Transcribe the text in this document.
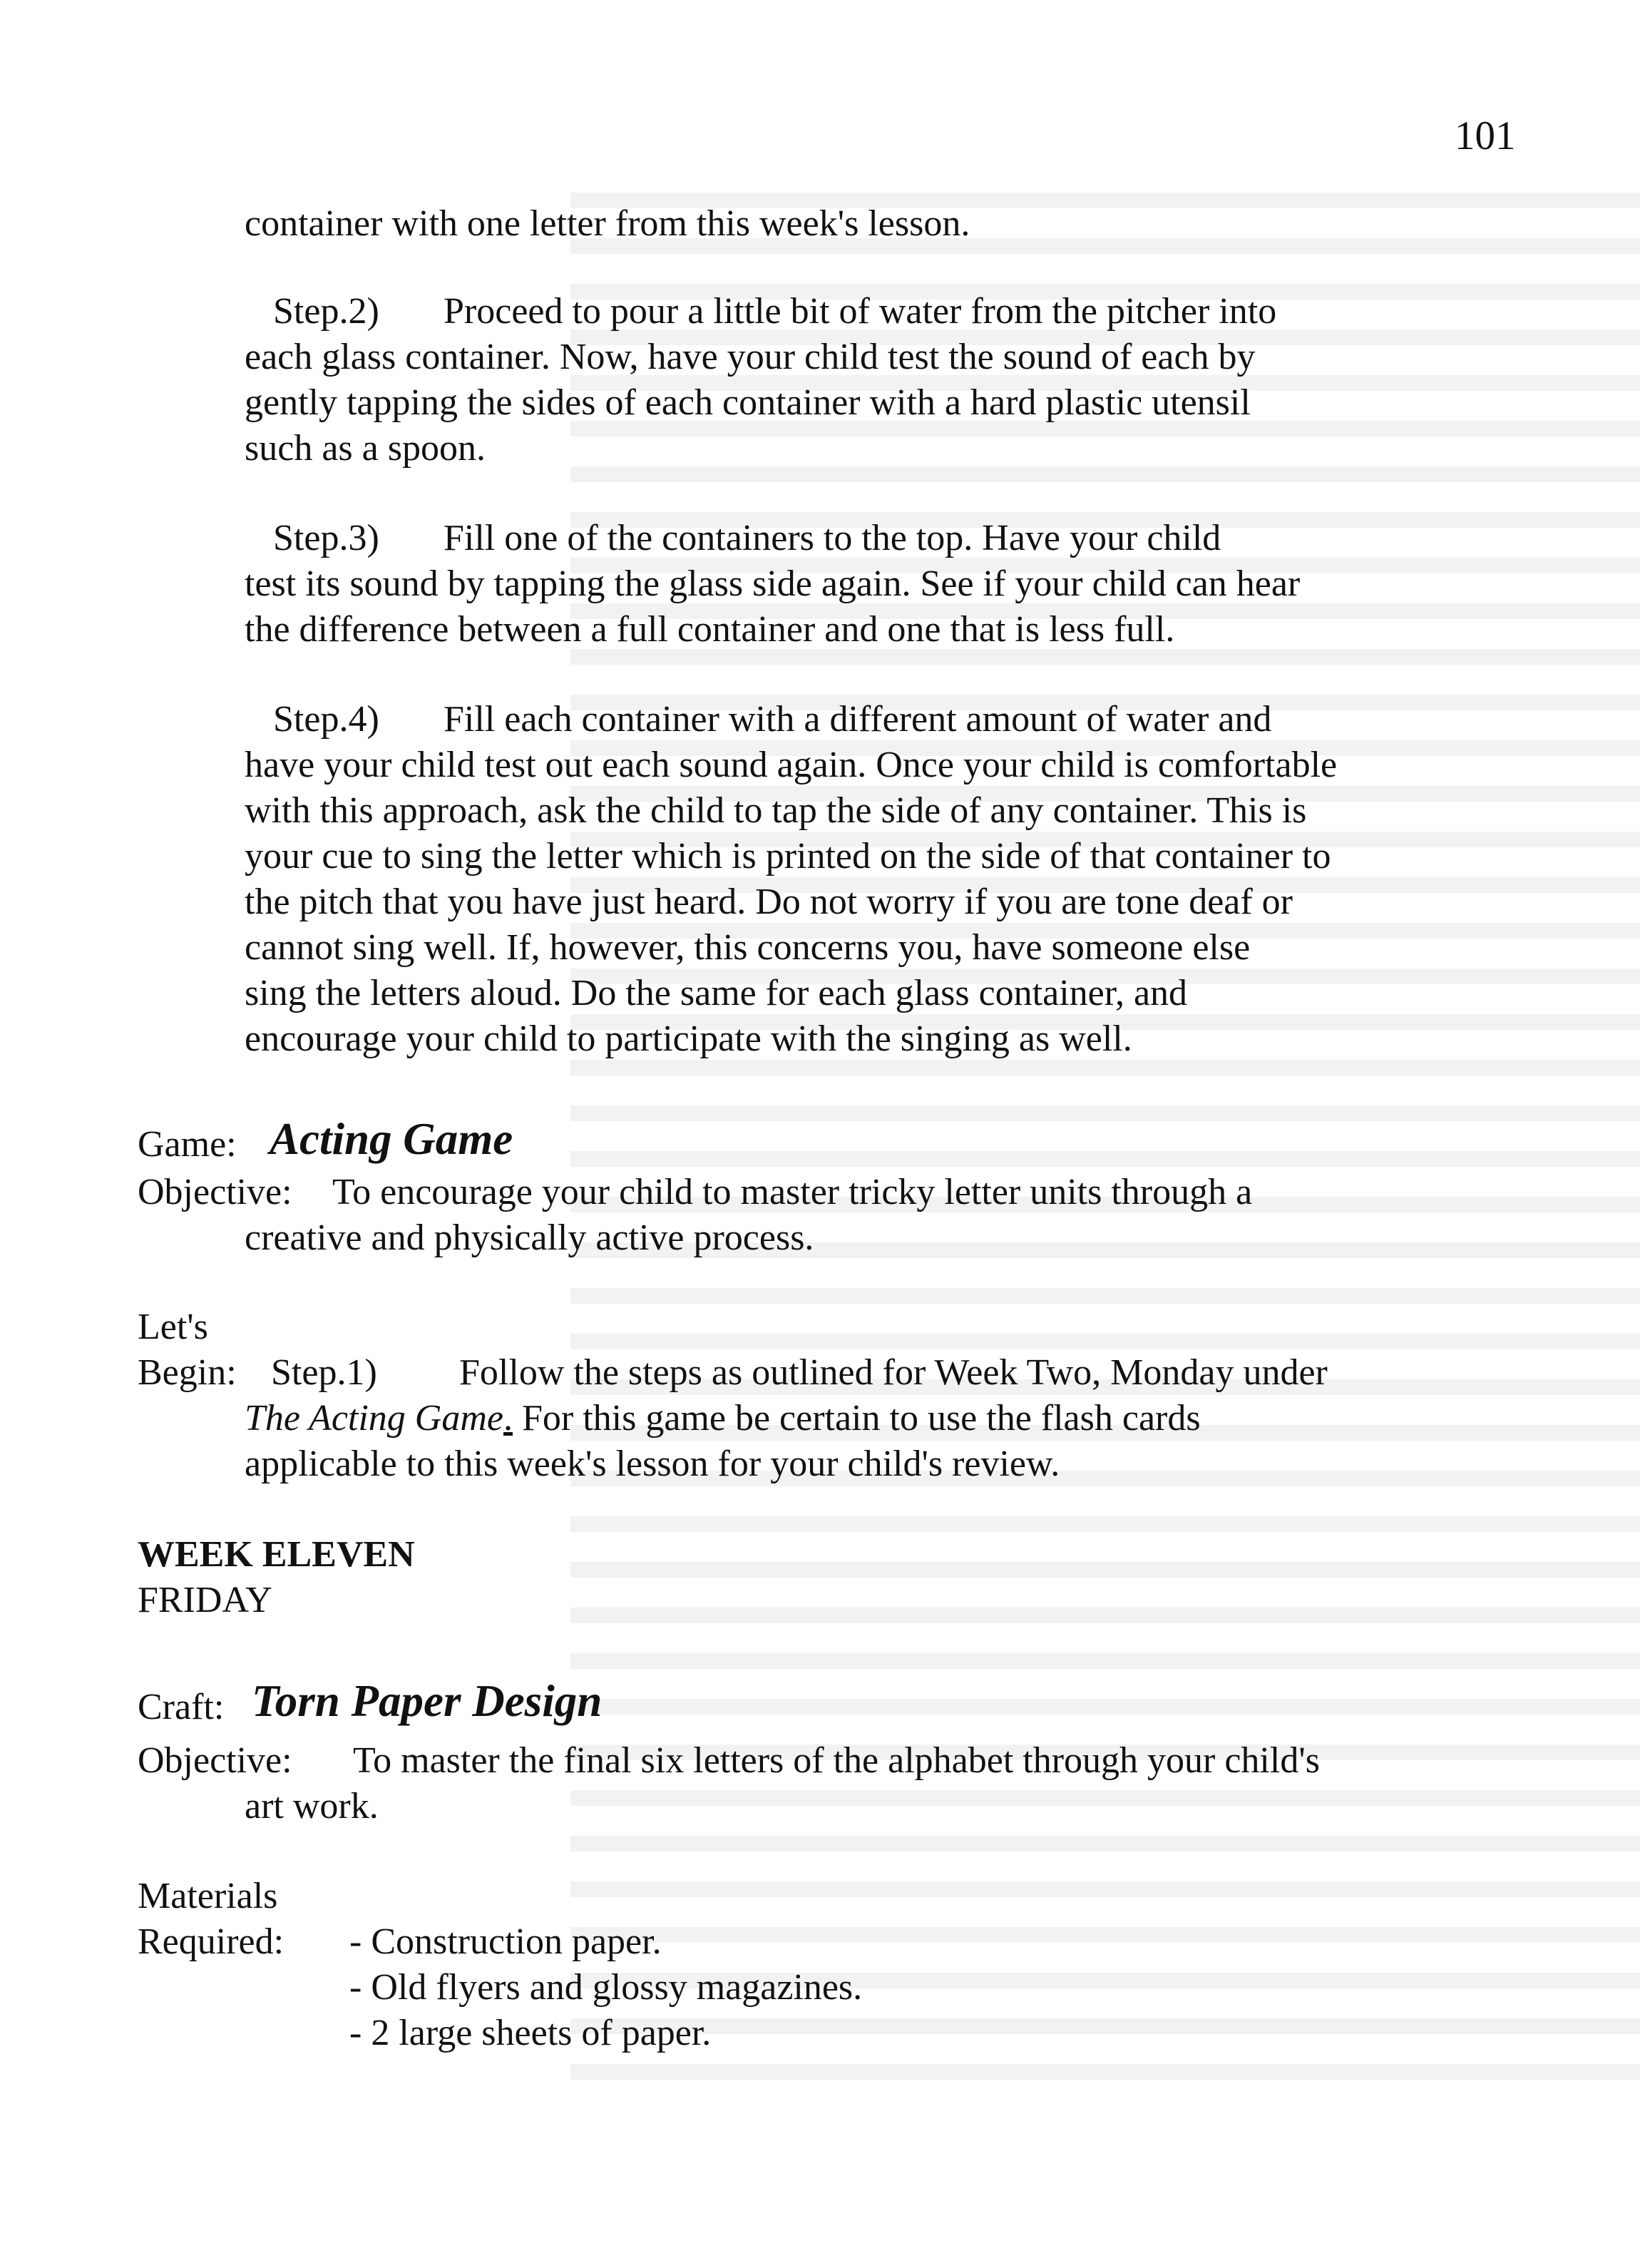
101
container with one letter from this week's lesson.
Step.2) Proceed to pour a little bit of water from the pitcher into
each glass container. Now, have your child test the sound of each by
gently tapping the sides of each container with a hard plastic utensil
such as a spoon.
Step.3) Fill one of the containers to the top. Have your child
test its sound by tapping the glass side again. See if your child can hear
the difference between a full container and one that is less full.
Step.4) Fill each container with a different amount of water and
have your child test out each sound again. Once your child is comfortable
with this approach, ask the child to tap the side of any container. This is
your cue to sing the letter which is printed on the side of that container to
the pitch that you have just heard. Do not worry if you are tone deaf or
cannot sing well. If, however, this concerns you, have someone else
sing the letters aloud. Do the same for each glass container, and
encourage your child to participate with the singing as well.
Game: Acting Game
Objective: To encourage your child to master tricky letter units through a
creative and physically active process.
Let's
Begin: Step.1) Follow the steps as outlined for Week Two, Monday under
The Acting Game. For this game be certain to use the flash cards
applicable to this week's lesson for your child's review.
WEEK ELEVEN
FRIDAY
Craft: Torn Paper Design
Objective: To master the final six letters of the alphabet through your child's
art work.
Materials
Required: - Construction paper.
- Old flyers and glossy magazines.
- 2 large sheets of paper.
